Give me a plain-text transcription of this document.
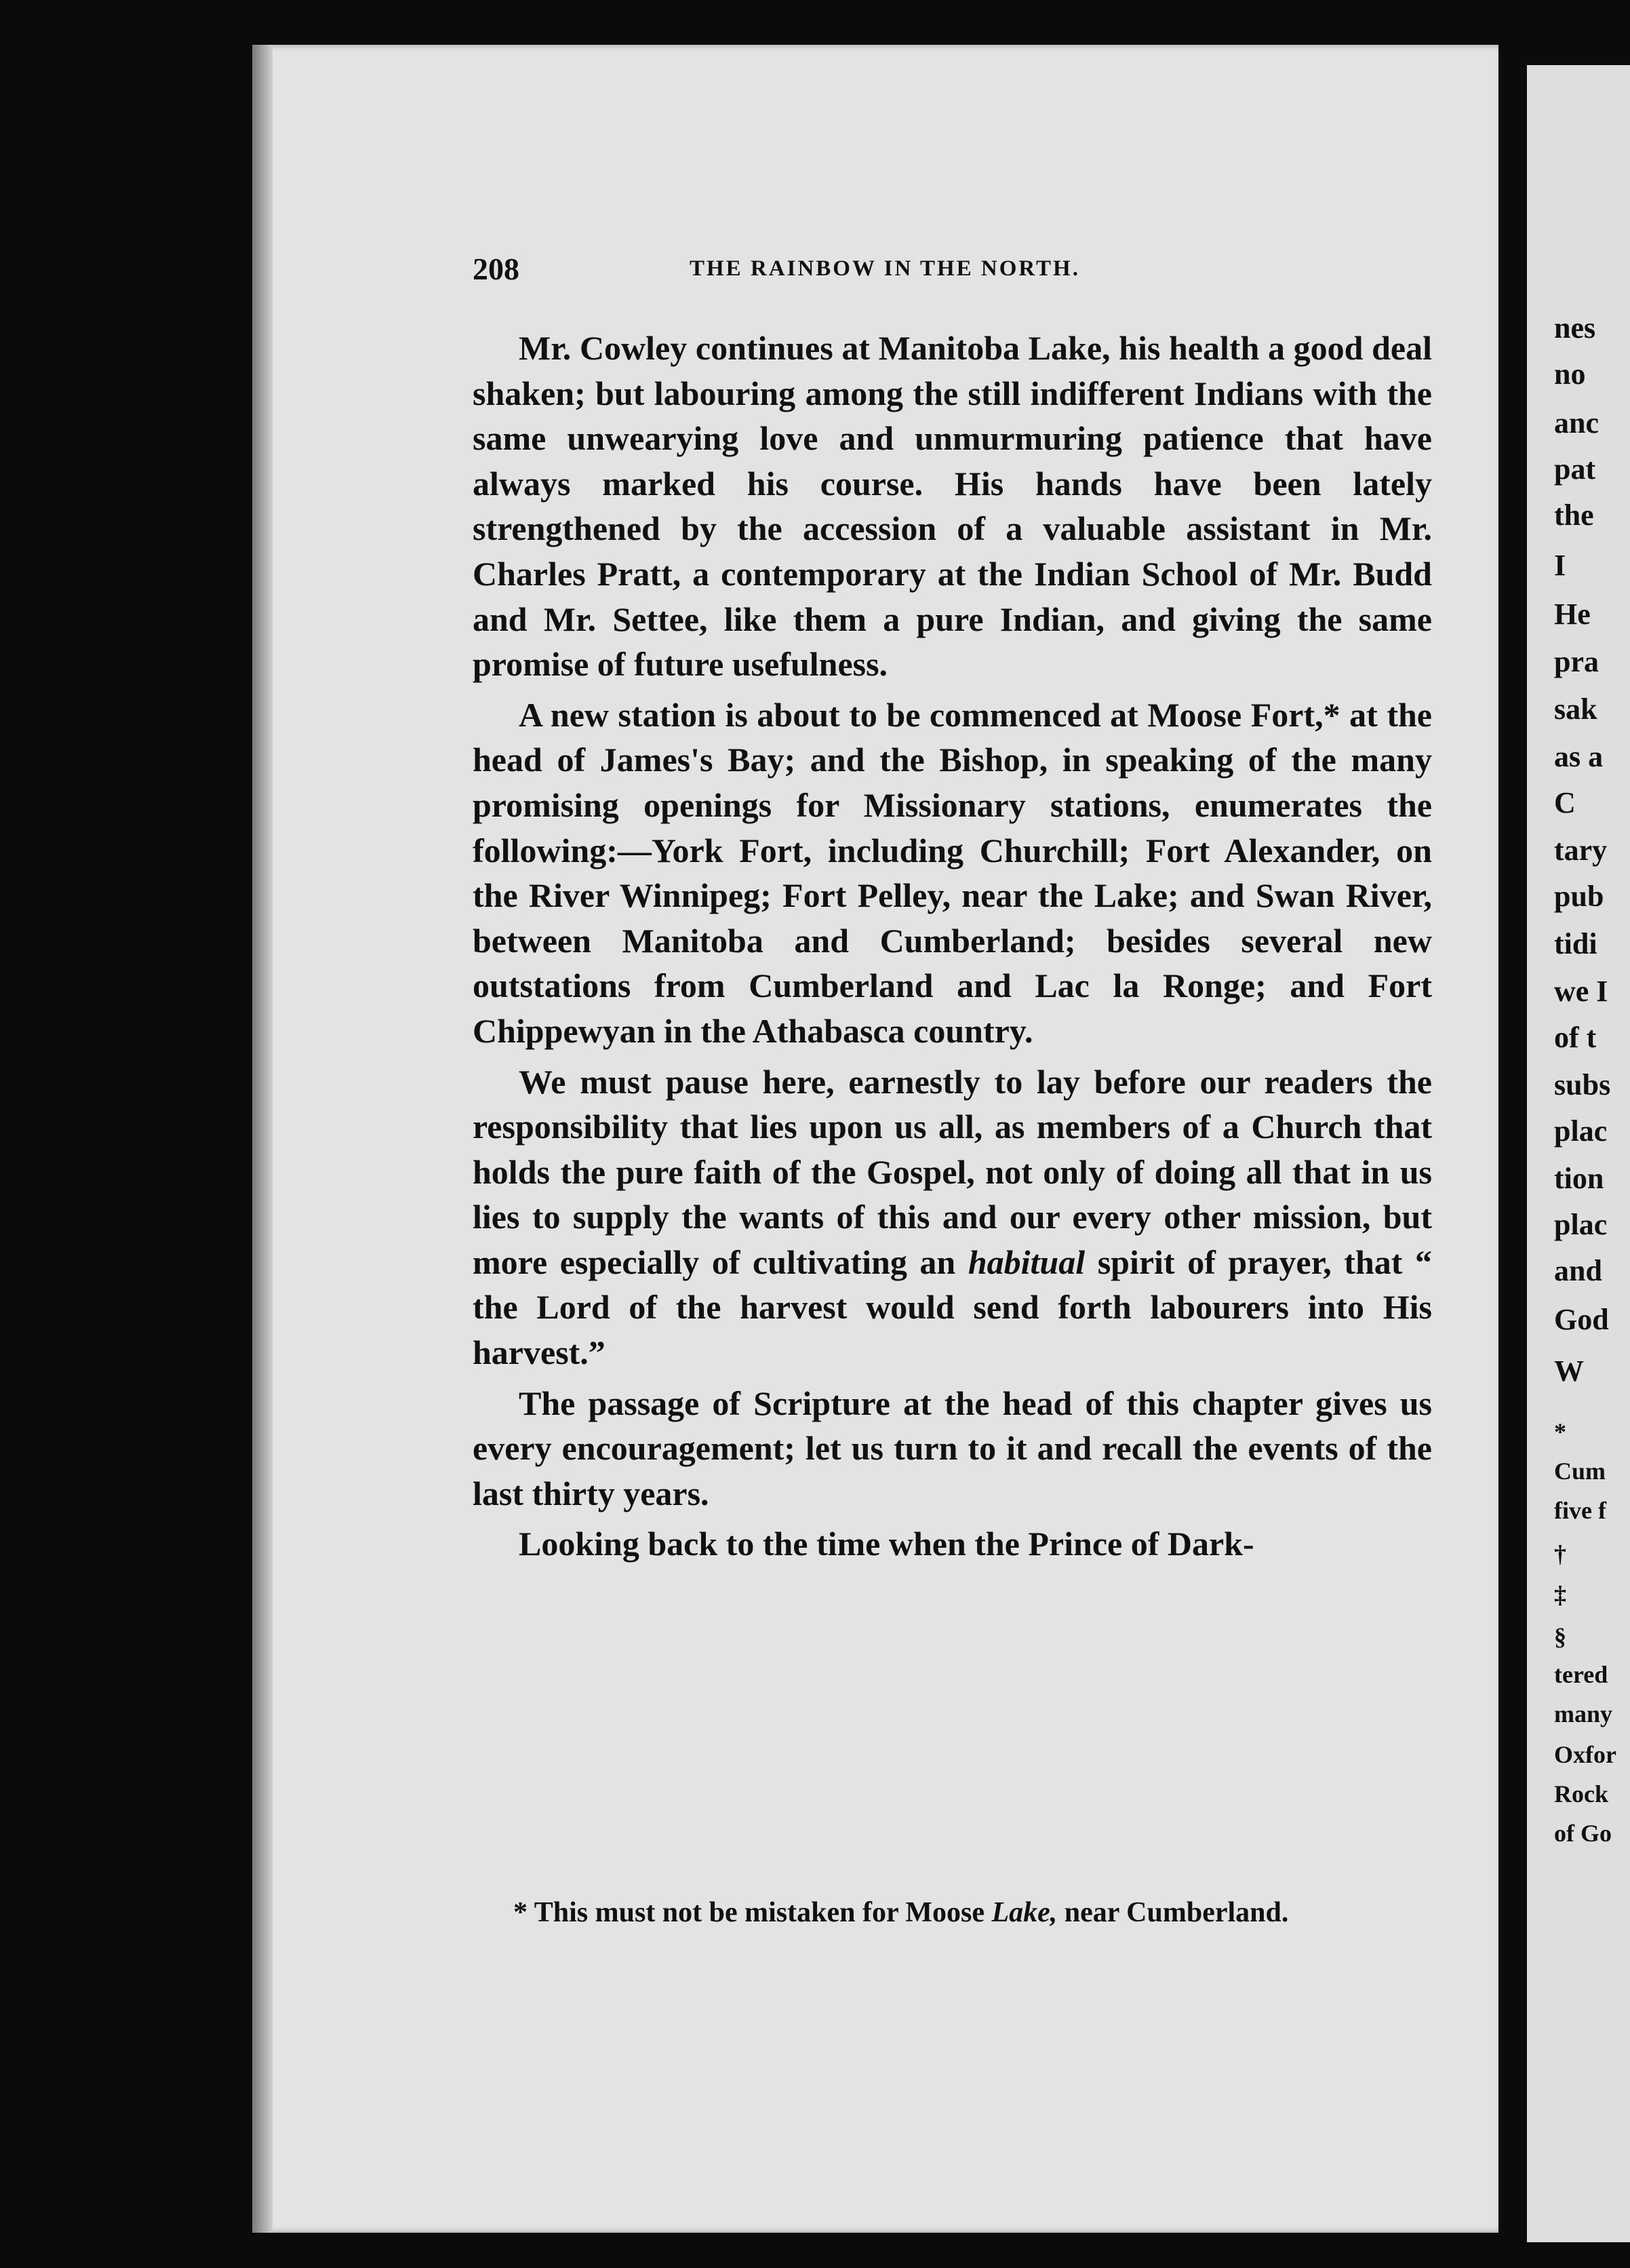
nes
no
anc
pat
the
I
He
pra
sak
as a
C
tary
pub
tidi
we I
of t
subs
plac
tion
plac
and
God
W
*
Cum
five f
†
‡
§
tered
many
Oxfor
Rock
of Go
208	THE RAINBOW IN THE NORTH.

Mr. Cowley continues at Manitoba Lake, his health a good deal shaken; but labouring among the still indifferent Indians with the same unwearying love and unmurmuring patience that have always marked his course. His hands have been lately strengthened by the accession of a valuable assistant in Mr. Charles Pratt, a contemporary at the Indian School of Mr. Budd and Mr. Settee, like them a pure Indian, and giving the same promise of future usefulness.

A new station is about to be commenced at Moose Fort,* at the head of James's Bay; and the Bishop, in speaking of the many promising openings for Missionary stations, enumerates the following:—York Fort, including Churchill; Fort Alexander, on the River Winnipeg; Fort Pelley, near the Lake; and Swan River, between Manitoba and Cumberland; besides several new outstations from Cumberland and Lac la Ronge; and Fort Chippewyan in the Athabasca country.

We must pause here, earnestly to lay before our readers the responsibility that lies upon us all, as members of a Church that holds the pure faith of the Gospel, not only of doing all that in us lies to supply the wants of this and our every other mission, but more especially of cultivating an habitual spirit of prayer, that “ the Lord of the harvest would send forth labourers into His harvest.”

The passage of Scripture at the head of this chapter gives us every encouragement; let us turn to it and recall the events of the last thirty years.

Looking back to the time when the Prince of Dark-

* This must not be mistaken for Moose Lake, near Cumberland.
